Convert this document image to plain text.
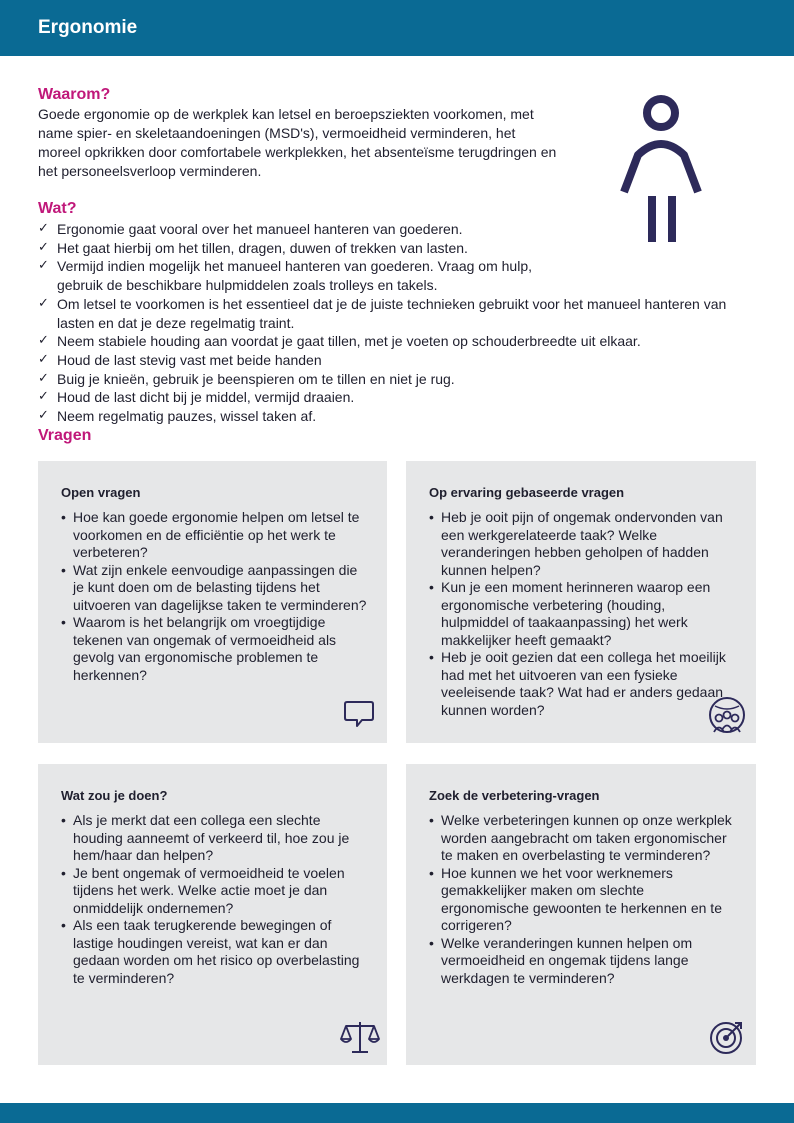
Ergonomie
Waarom?

Goede ergonomie op de werkplek kan letsel en beroepsziekten voorkomen, met name spier- en skeletaandoeningen (MSD's), vermoeidheid verminderen, het moreel opkrikken door comfortabele werkplekken, het absenteïsme terugdringen en het personeelsverloop verminderen.

Wat?
✓ Ergonomie gaat vooral over het manueel hanteren van goederen.
✓ Het gaat hierbij om het tillen, dragen, duwen of trekken van lasten.
✓ Vermijd indien mogelijk het manueel hanteren van goederen. Vraag om hulp, gebruik de beschikbare hulpmiddelen zoals trolleys en takels.
✓ Om letsel te voorkomen is het essentieel dat je de juiste technieken gebruikt voor het manueel hanteren van lasten en dat je deze regelmatig traint.
✓ Neem stabiele houding aan voordat je gaat tillen, met je voeten op schouderbreedte uit elkaar.
✓ Houd de last stevig vast met beide handen
✓ Buig je knieën, gebruik je beenspieren om te tillen en niet je rug.
✓ Houd de last dicht bij je middel, vermijd draaien.
✓ Neem regelmatig pauzes, wissel taken af.
Vragen
Open vragen
• Hoe kan goede ergonomie helpen om letsel te voorkomen en de efficiëntie op het werk te verbeteren?
• Wat zijn enkele eenvoudige aanpassingen die je kunt doen om de belasting tijdens het uitvoeren van dagelijkse taken te verminderen?
• Waarom is het belangrijk om vroegtijdige tekenen van ongemak of vermoeidheid als gevolg van ergonomische problemen te herkennen?
Op ervaring gebaseerde vragen
• Heb je ooit pijn of ongemak ondervonden van een werkgerelateerde taak? Welke veranderingen hebben geholpen of hadden kunnen helpen?
• Kun je een moment herinneren waarop een ergonomische verbetering (houding, hulpmiddel of taakaanpassing) het werk makkelijker heeft gemaakt?
• Heb je ooit gezien dat een collega het moeilijk had met het uitvoeren van een fysieke veeleisende taak? Wat had er anders gedaan kunnen worden?
Wat zou je doen?
• Als je merkt dat een collega een slechte houding aanneemt of verkeerd til, hoe zou je hem/haar dan helpen?
• Je bent ongemak of vermoeidheid te voelen tijdens het werk. Welke actie moet je dan onmiddelijk ondernemen?
• Als een taak terugkerende bewegingen of lastige houdingen vereist, wat kan er dan gedaan worden om het risico op overbelasting te verminderen?
Zoek de verbetering-vragen
• Welke verbeteringen kunnen op onze werkplek worden aangebracht om taken ergonomischer te maken en overbelasting te verminderen?
• Hoe kunnen we het voor werknemers gemakkelijker maken om slechte ergonomische gewoonten te herkennen en te corrigeren?
• Welke veranderingen kunnen helpen om vermoeidheid en ongemak tijdens lange werkdagen te verminderen?
